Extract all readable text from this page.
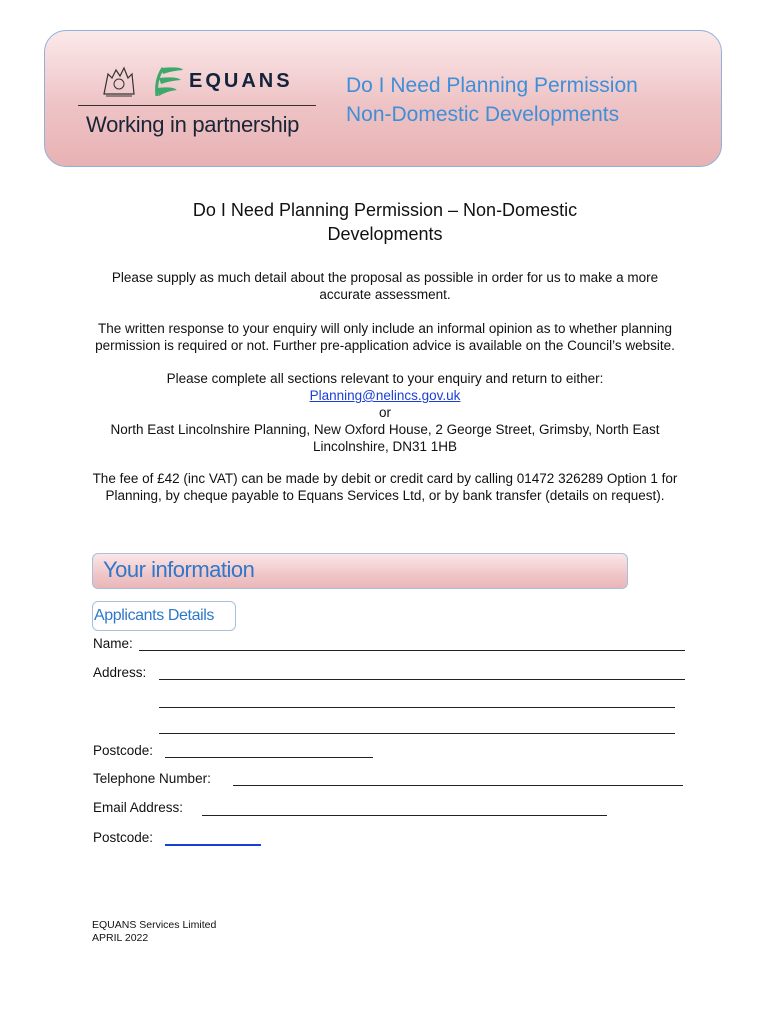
EQUANS
Working in partnership
Do I Need Planning Permission
Non-Domestic Developments
Do I Need Planning Permission – Non-Domestic
Developments
Please supply as much detail about the proposal as possible in order for us to make a more
accurate assessment.
The written response to your enquiry will only include an informal opinion as to whether planning
permission is required or not. Further pre-application advice is available on the Council’s website.
Please complete all sections relevant to your enquiry and return to either:
Planning@nelincs.gov.uk
or
North East Lincolnshire Planning, New Oxford House, 2 George Street, Grimsby, North East
Lincolnshire, DN31 1HB
The fee of £42 (inc VAT) can be made by debit or credit card by calling 01472 326289 Option 1 for
Planning, by cheque payable to Equans Services Ltd, or by bank transfer (details on request).
Your information
Applicants Details
Name:
Address:
Postcode:
Telephone Number:
Email Address:
Postcode:
EQUANS Services Limited
APRIL 2022
